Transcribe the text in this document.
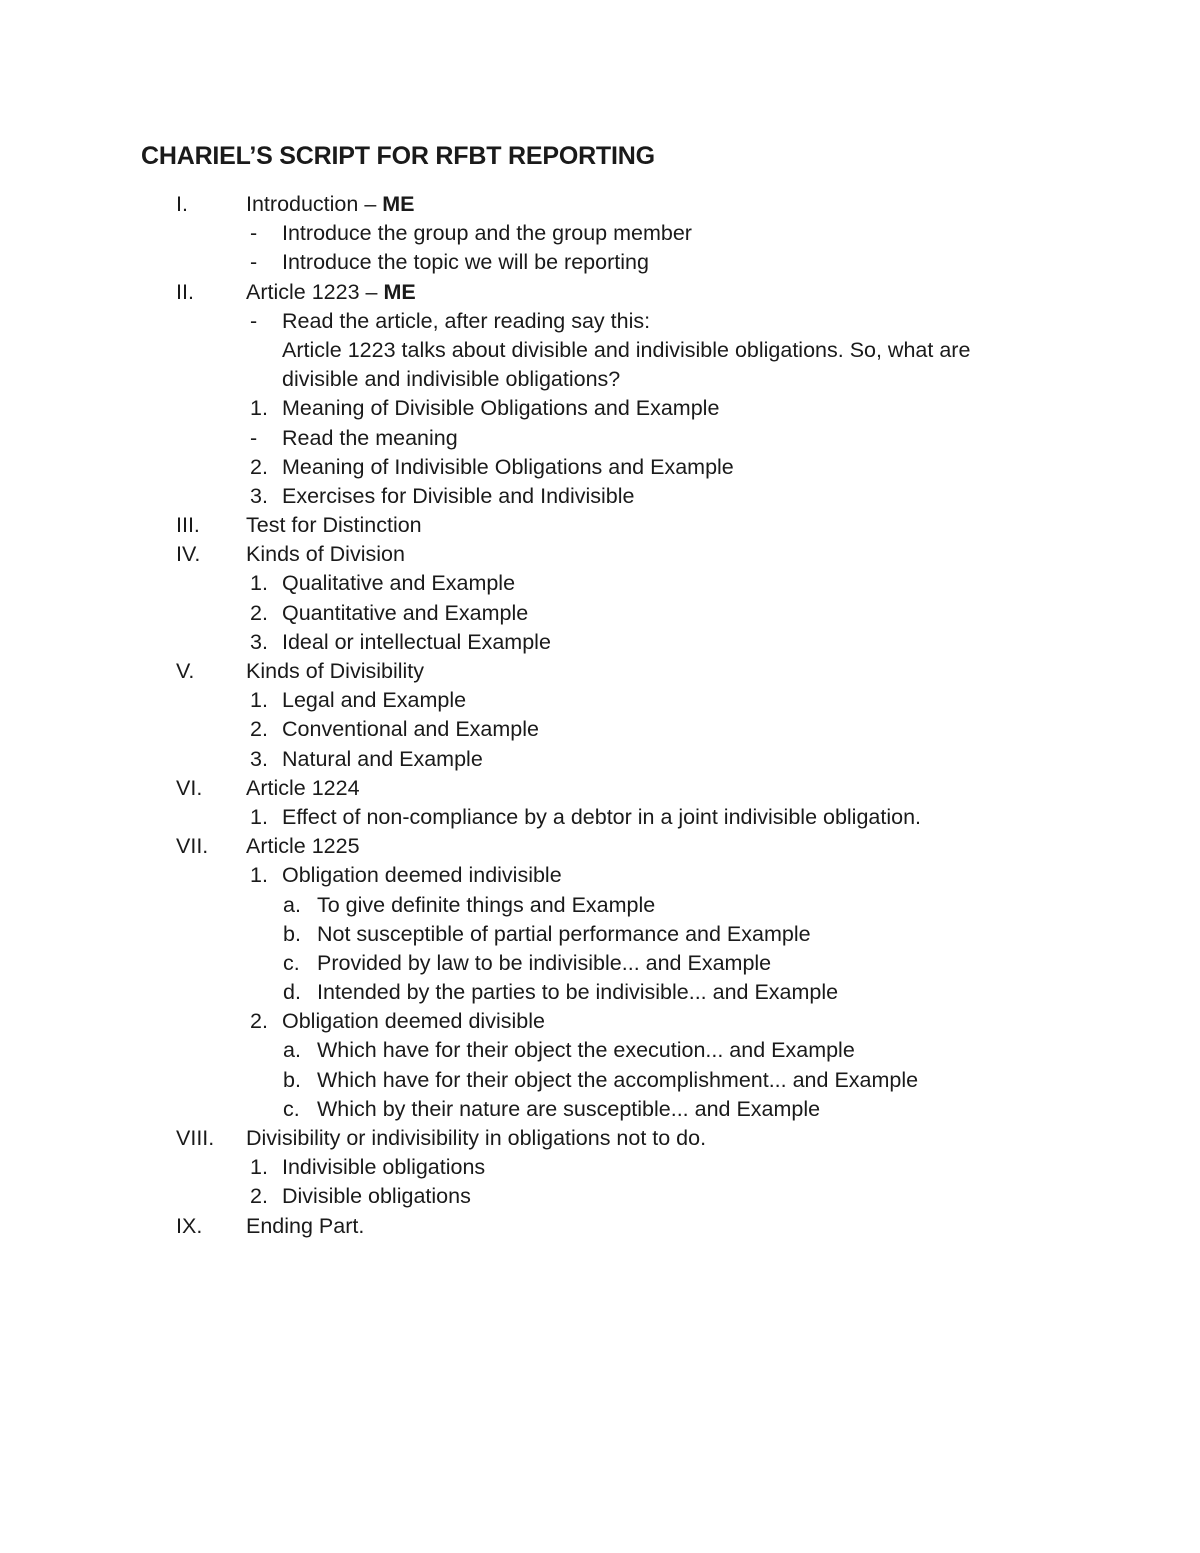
CHARIEL’S SCRIPT FOR RFBT REPORTING
I.	Introduction – ME
- Introduce the group and the group member
- Introduce the topic we will be reporting
II. Article 1223 – ME
- Read the article, after reading say this:
Article 1223 talks about divisible and indivisible obligations. So, what are
divisible and indivisible obligations?
1. Meaning of Divisible Obligations and Example
- Read the meaning
2. Meaning of Indivisible Obligations and Example
3. Exercises for Divisible and Indivisible
III. Test for Distinction
IV. Kinds of Division
1. Qualitative and Example
2. Quantitative and Example
3. Ideal or intellectual Example
V. Kinds of Divisibility
1. Legal and Example
2. Conventional and Example
3. Natural and Example
VI. Article 1224
1. Effect of non-compliance by a debtor in a joint indivisible obligation.
VII. Article 1225
1. Obligation deemed indivisible
a. To give definite things and Example
b. Not susceptible of partial performance and Example
c. Provided by law to be indivisible... and Example
d. Intended by the parties to be indivisible... and Example
2. Obligation deemed divisible
a. Which have for their object the execution... and Example
b. Which have for their object the accomplishment... and Example
c. Which by their nature are susceptible... and Example
VIII. Divisibility or indivisibility in obligations not to do.
1. Indivisible obligations
2. Divisible obligations
IX. Ending Part.
